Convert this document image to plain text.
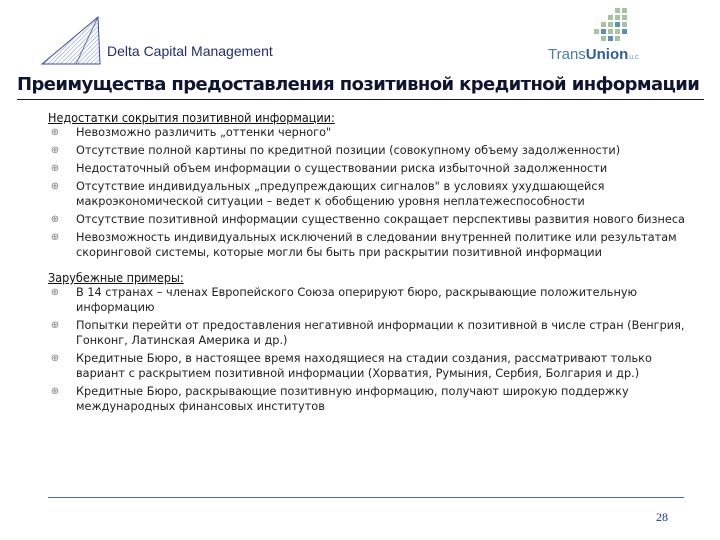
Delta Capital Management	TransUnionLLC
Преимущества предоставления позитивной кредитной информации

Недостатки сокрытия позитивной информации:

⊕ Невозможно различить „оттенки черного"
⊕ Отсутствие полной картины по кредитной позиции (совокупному объему задолженности)
⊕ Недостаточный объем информации о существовании риска избыточной задолженности
⊕ Отсутствие индивидуальных „предупреждающих сигналов" в условиях ухудшающейся макроэкономической ситуации – ведет к обобщению уровня неплатежеспособности
⊕ Отсутствие позитивной информации существенно сокращает перспективы развития нового бизнеса
⊕ Невозможность индивидуальных исключений в следовании внутренней политике или результатам скоринговой системы, которые могли бы быть при раскрытии позитивной информации

Зарубежные примеры:

⊕ В 14 странах – членах Европейского Союза оперируют бюро, раскрывающие положительную информацию
⊕ Попытки перейти от предоставления негативной информации к позитивной в числе стран (Венгрия, Гонконг, Латинская Америка и др.)
⊕ Кредитные Бюро, в настоящее время находящиеся на стадии создания, рассматривают только вариант с раскрытием позитивной информации (Хорватия, Румыния, Сербия, Болгария и др.)
⊕ Кредитные Бюро, раскрывающие позитивную информацию, получают широкую поддержку международных финансовых институтов
28
